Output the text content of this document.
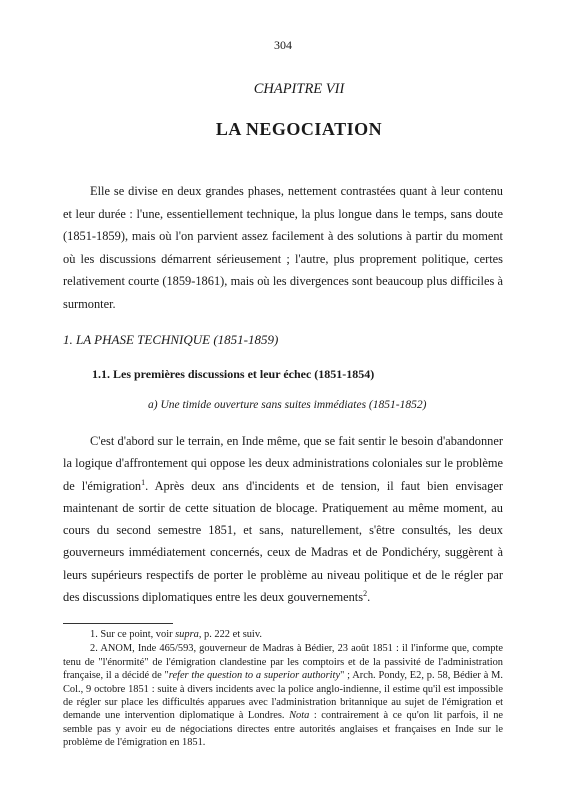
304
CHAPITRE VII
LA NEGOCIATION

Elle se divise en deux grandes phases, nettement contrastées quant à leur contenu et leur durée : l'une, essentiellement technique, la plus longue dans le temps, sans doute (1851-1859), mais où l'on parvient assez facilement à des solutions à partir du moment où les discussions démarrent sérieusement ; l'autre, plus proprement politique, certes relativement courte (1859-1861), mais où les divergences sont beaucoup plus difficiles à surmonter.

1. LA PHASE TECHNIQUE (1851-1859)
1.1. Les premières discussions et leur échec (1851-1854)
a) Une timide ouverture sans suites immédiates (1851-1852)

C'est d'abord sur le terrain, en Inde même, que se fait sentir le besoin d'abandonner la logique d'affrontement qui oppose les deux administrations coloniales sur le problème de l'émigration$^1$. Après deux ans d'incidents et de tension, il faut bien envisager maintenant de sortir de cette situation de blocage. Pratiquement au même moment, au cours du second semestre 1851, et sans, naturellement, s'être consultés, les deux gouverneurs immédiatement concernés, ceux de Madras et de Pondichéry, suggèrent à leurs supérieurs respectifs de porter le problème au niveau politique et de le régler par des discussions diplomatiques entre les deux gouvernements$^2$.

1. Sur ce point, voir supra, p. 222 et suiv.

2. ANOM, Inde 465/593, gouverneur de Madras à Bédier, 23 août 1851 : il l'informe que, compte tenu de "l'énormité" de l'émigration clandestine par les comptoirs et de la passivité de l'administration française, il a décidé de "refer the question to a superior authority" ; Arch. Pondy, E2, p. 58, Bédier à M. Col., 9 octobre 1851 : suite à divers incidents avec la police anglo-indienne, il estime qu'il est impossible de régler sur place les difficultés apparues avec l'administration britannique au sujet de l'émigration et demande une intervention diplomatique à Londres. Nota : contrairement à ce qu'on lit parfois, il ne semble pas y avoir eu de négociations directes entre autorités anglaises et françaises en Inde sur le problème de l'émigration en 1851.
